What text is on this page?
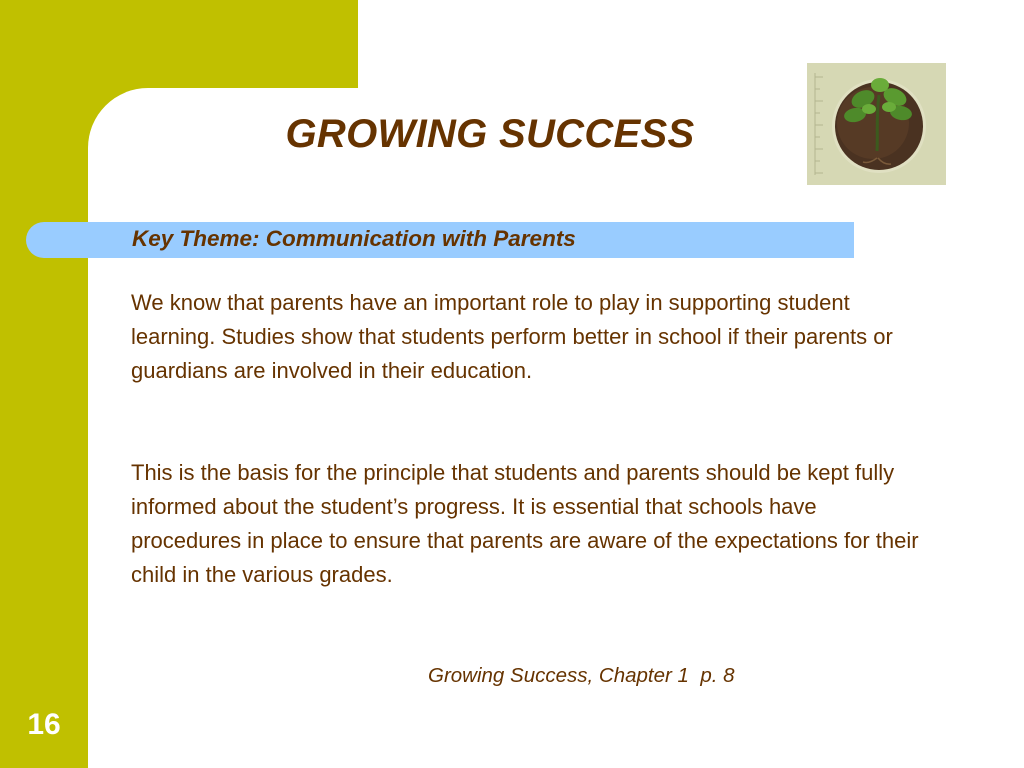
GROWING SUCCESS
Key Theme: Communication with Parents

We know that parents have an important role to play in supporting student learning. Studies show that students perform better in school if their parents or guardians are involved in their education.

This is the basis for the principle that students and parents should be kept fully informed about the student’s progress. It is essential that schools have procedures in place to ensure that parents are aware of the expectations for their child in the various grades.

Growing Success, Chapter 1  p. 8
16
